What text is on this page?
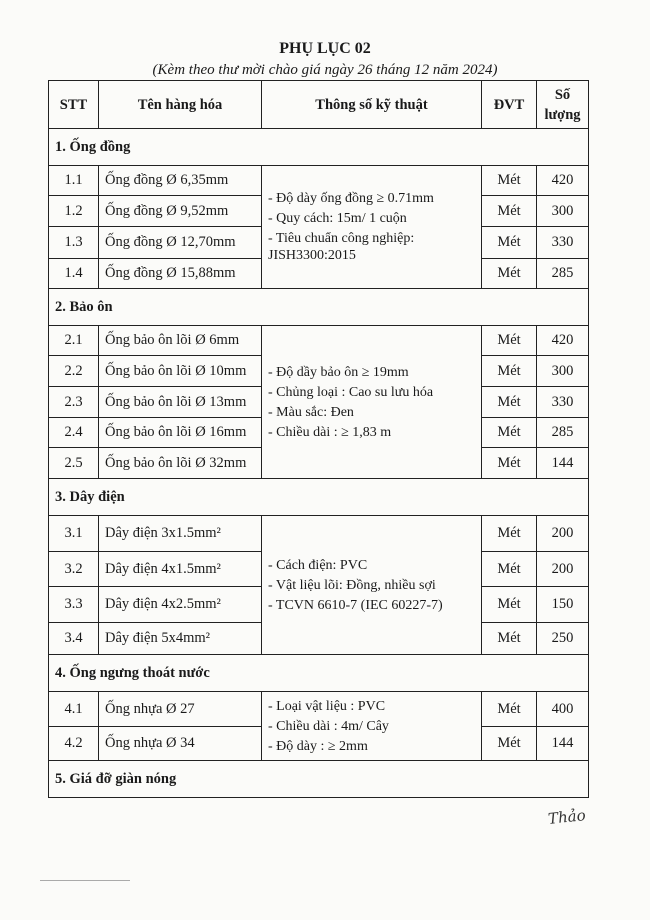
PHỤ LỤC 02
(Kèm theo thư mời chào giá ngày 26 tháng 12 năm 2024)
STT	Tên hàng hóa	Thông số kỹ thuật	ĐVT	Số
lượng
1. Ống đồng				
1.1	Ống đồng Ø 6,35mm	- Độ dày ống đồng ≥ 0.71mm
- Quy cách: 15m/ 1 cuộn
- Tiêu chuẩn công nghiệp: JISH3300:2015	Mét	420
1.2	Ống đồng Ø 9,52mm		Mét	300
1.3	Ống đồng Ø 12,70mm		Mét	330
1.4	Ống đồng Ø 15,88mm		Mét	285
2. Bảo ôn				
2.1	Ống bảo ôn lõi Ø 6mm	- Độ dầy bảo ôn ≥ 19mm
- Chủng loại : Cao su lưu hóa
- Màu sắc: Đen
- Chiều dài : ≥ 1,83 m	Mét	420
2.2	Ống bảo ôn lõi Ø 10mm		Mét	300
2.3	Ống bảo ôn lõi Ø 13mm		Mét	330
2.4	Ống bảo ôn lõi Ø 16mm		Mét	285
2.5	Ống bảo ôn lõi Ø 32mm		Mét	144
3. Dây điện				
3.1	Dây điện 3x1.5mm²	- Cách điện: PVC
- Vật liệu lõi: Đồng, nhiều sợi
- TCVN 6610-7 (IEC 60227-7)	Mét	200
3.2	Dây điện 4x1.5mm²		Mét	200
3.3	Dây điện 4x2.5mm²		Mét	150
3.4	Dây điện 5x4mm²		Mét	250
4. Ống ngưng thoát nước				
4.1	Ống nhựa Ø 27	- Loại vật liệu : PVC
- Chiều dài : 4m/ Cây
- Độ dày : ≥ 2mm	Mét	400
4.2	Ống nhựa Ø 34		Mét	144
5. Giá đỡ giàn nóng				
Thảo
